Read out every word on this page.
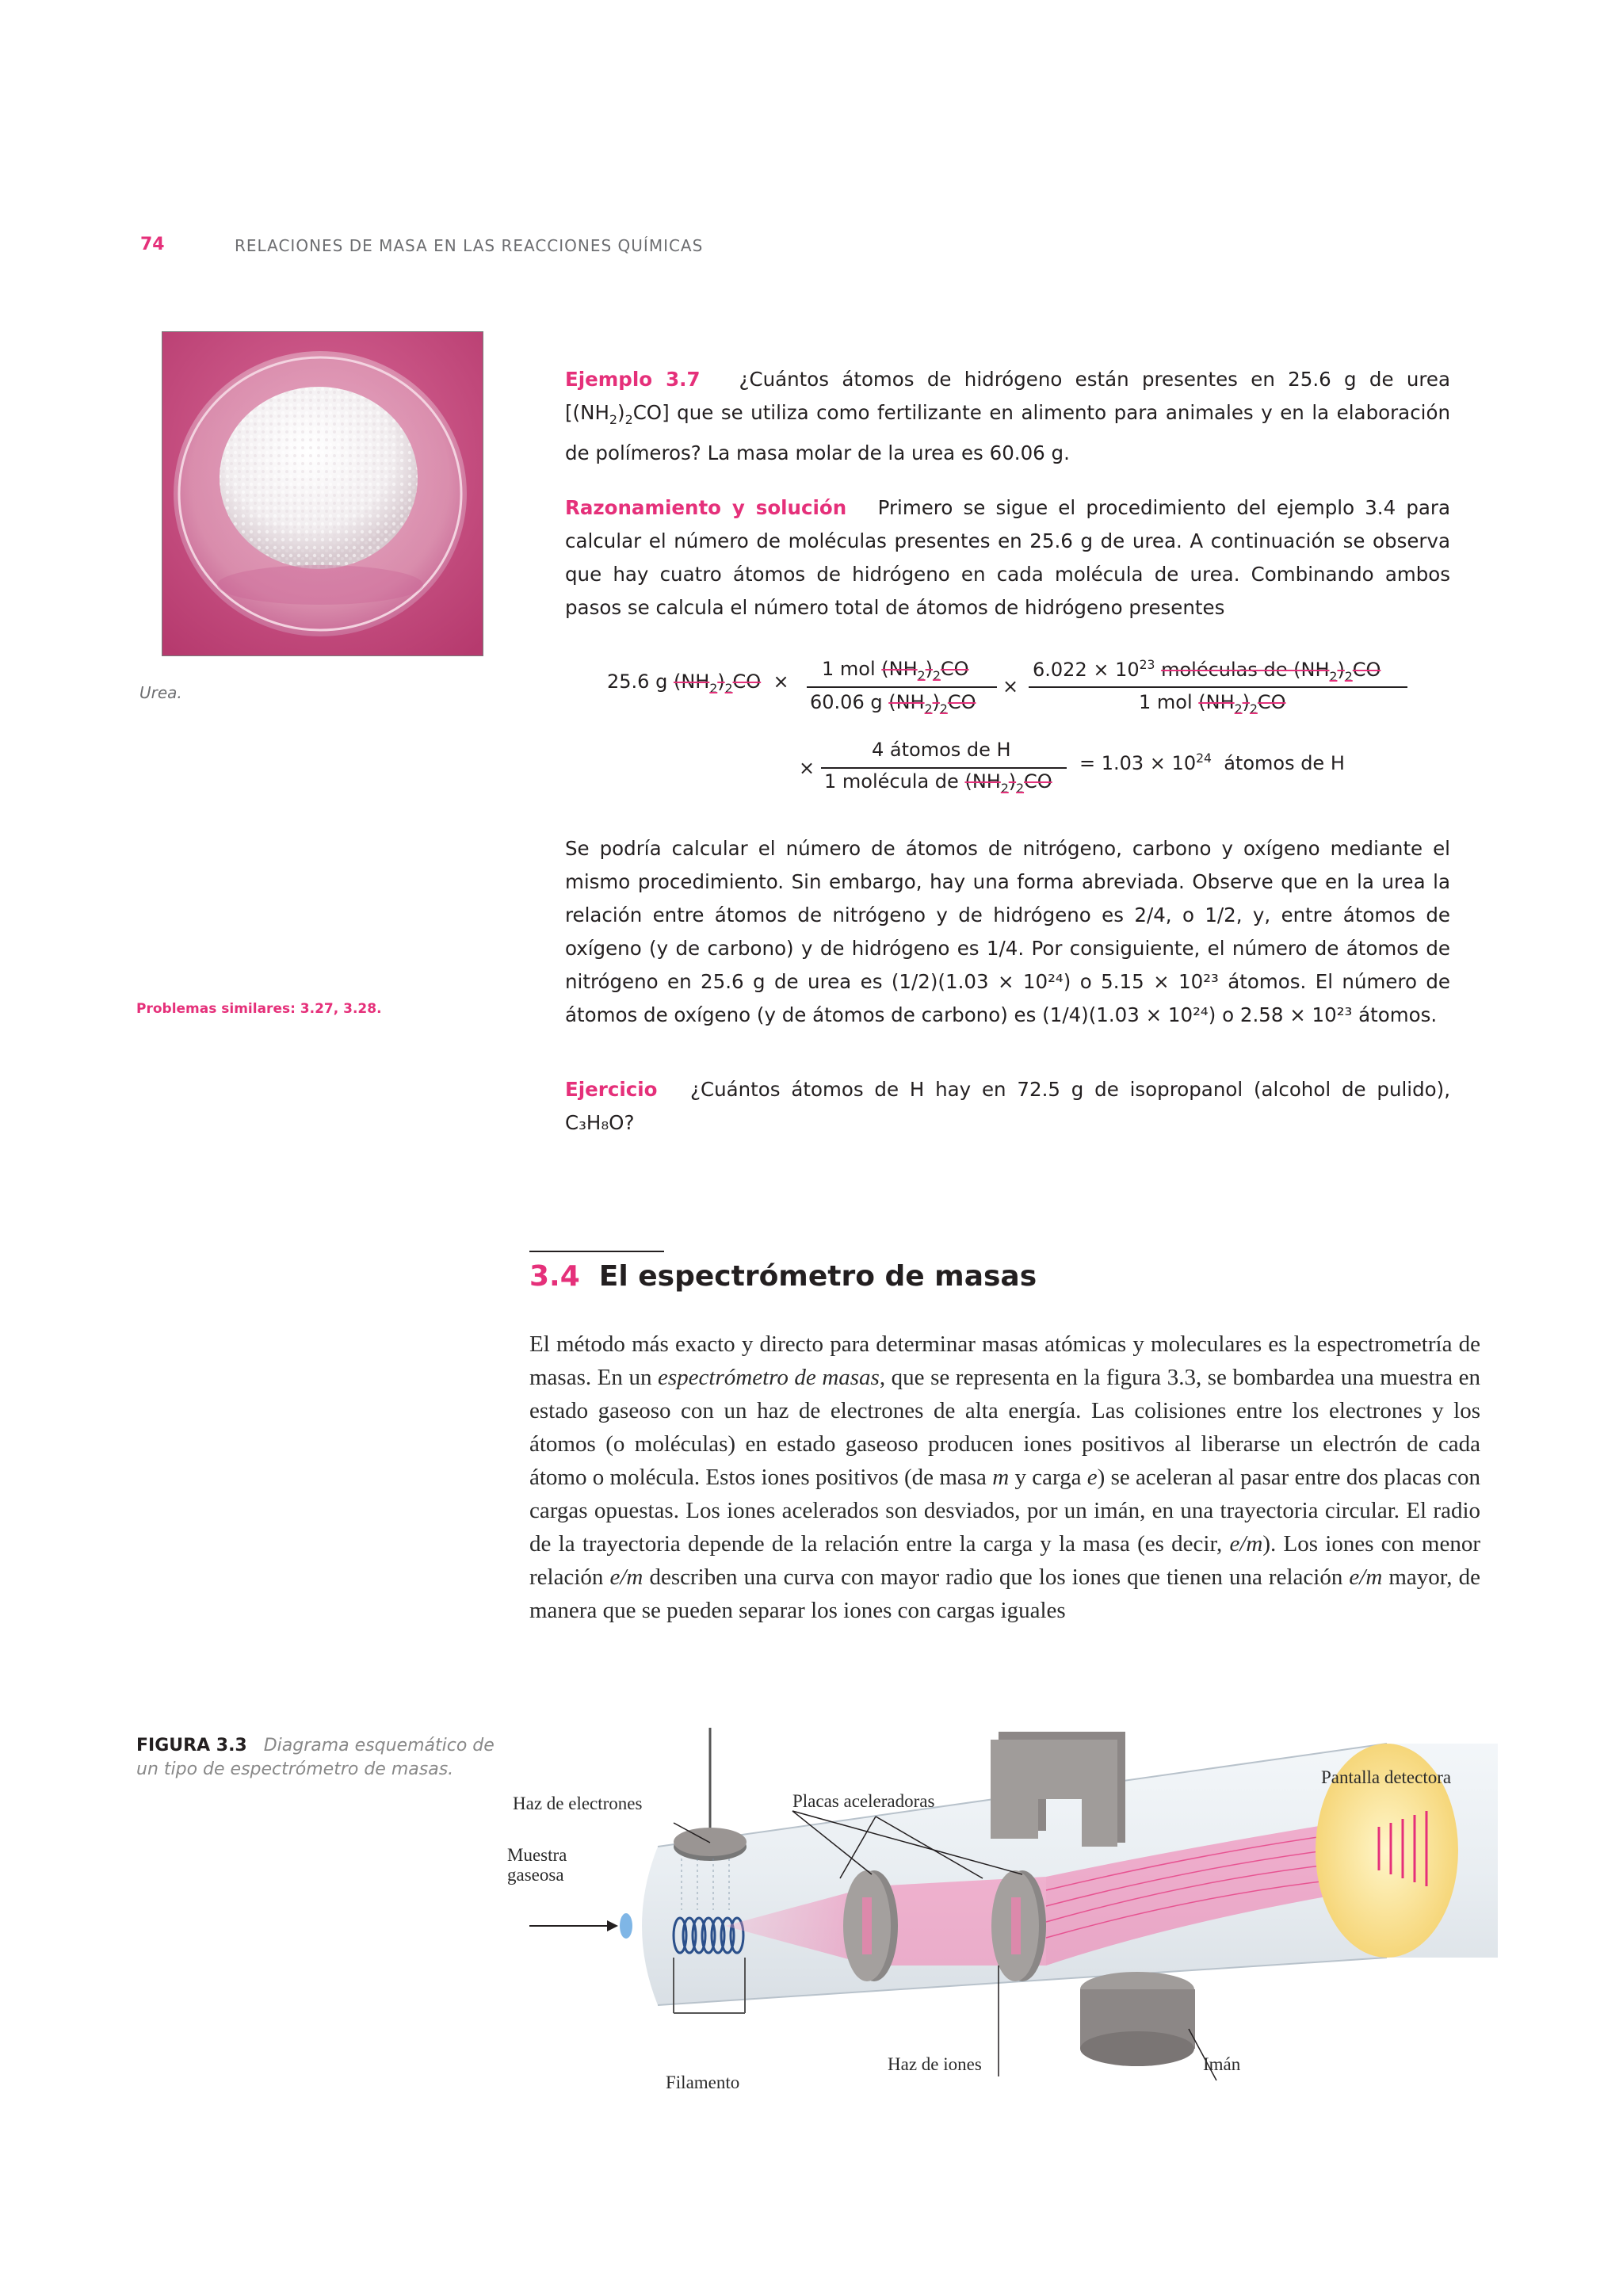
74	RELACIONES DE MASA EN LAS REACCIONES QUÍMICAS
Urea.
Ejemplo 3.7 ¿Cuántos átomos de hidrógeno están presentes en 25.6 g de urea $[(NH_2)_2CO]$ que se utiliza como fertilizante en alimento para animales y en la elaboración de polímeros? La masa molar de la urea es 60.06 g.
Razonamiento y solución Primero se sigue el procedimiento del ejemplo 3.4 para calcular el número de moléculas presentes en 25.6 g de urea. A continuación se observa que hay cuatro átomos de hidrógeno en cada molécula de urea. Combinando ambos pasos se calcula el número total de átomos de hidrógeno presentes
25.6 g $(NH_2)_2CO$ ×
1 mol $(NH_2)_2CO$
60.06 g $(NH_2)_2CO$
×
$6.022 \times 10^{23}$ moléculas de $(NH_2)_2CO$
1 mol $(NH_2)_2CO$
×
4 átomos de H
1 molécula de $(NH_2)_2CO$
= $1.03 \times 10^{24}$ átomos de H
Se podría calcular el número de átomos de nitrógeno, carbono y oxígeno mediante el mismo procedimiento. Sin embargo, hay una forma abreviada. Observe que en la urea la relación entre átomos de nitrógeno y de hidrógeno es 2/4, o 1/2, y, entre átomos de oxígeno (y de carbono) y de hidrógeno es 1/4. Por consiguiente, el número de átomos de nitrógeno en 25.6 g de urea es (1/2)(1.03 × 10²⁴) o 5.15 × 10²³ átomos. El número de átomos de oxígeno (y de átomos de carbono) es (1/4)(1.03 × 10²⁴) o 2.58 × 10²³ átomos.
Problemas similares: 3.27, 3.28.
Ejercicio ¿Cuántos átomos de H hay en 72.5 g de isopropanol (alcohol de pulido), C₃H₈O?
3.4 El espectrómetro de masas
El método más exacto y directo para determinar masas atómicas y moleculares es la espectrometría de masas. En un espectrómetro de masas, que se representa en la figura 3.3, se bombardea una muestra en estado gaseoso con un haz de electrones de alta energía. Las colisiones entre los electrones y los átomos (o moléculas) en estado gaseoso producen iones positivos al liberarse un electrón de cada átomo o molécula. Estos iones positivos (de masa m y carga e) se aceleran al pasar entre dos placas con cargas opuestas. Los iones acelerados son desviados, por un imán, en una trayectoria circular. El radio de la trayectoria depende de la relación entre la carga y la masa (es decir, e/m). Los iones con menor relación e/m describen una curva con mayor radio que los iones que tienen una relación e/m mayor, de manera que se pueden separar los iones con cargas iguales
FIGURA 3.3 Diagrama esquemático de un tipo de espectrómetro de masas.
Haz de electrones
Muestra
gaseosa
Placas aceleradoras
Pantalla detectora
Filamento
Haz de iones	Imán
